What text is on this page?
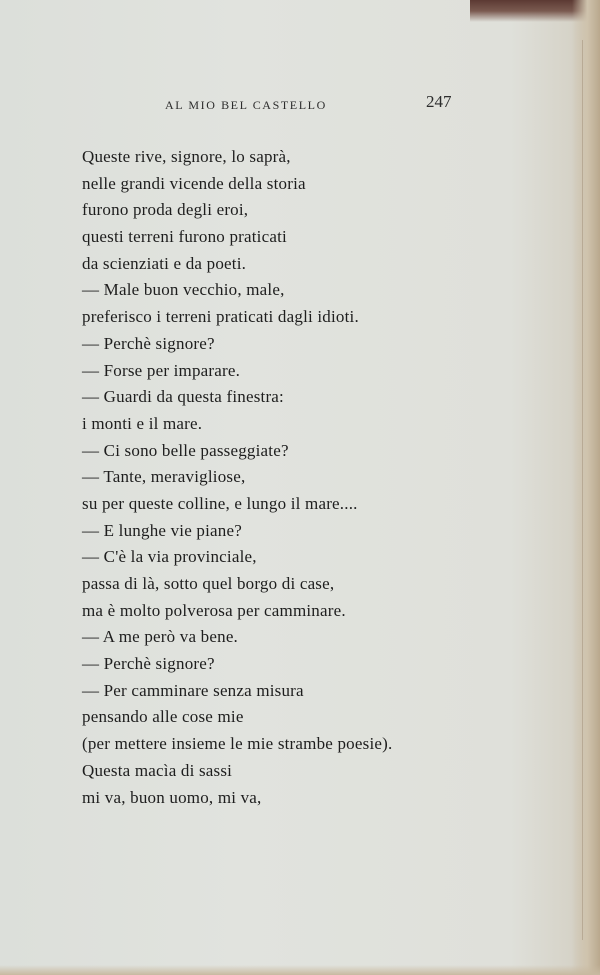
AL MIO BEL CASTELLO	247
Queste rive, signore, lo saprà,
nelle grandi vicende della storia
furono proda degli eroi,
questi terreni furono praticati
da scienziati e da poeti.
— Male buon vecchio, male,
preferisco i terreni praticati dagli idioti.
— Perchè signore?
— Forse per imparare.
— Guardi da questa finestra:
i monti e il mare.
— Ci sono belle passeggiate?
— Tante, meravigliose,
su per queste colline, e lungo il mare....
— E lunghe vie piane?
— C'è la via provinciale,
passa di là, sotto quel borgo di case,
ma è molto polverosa per camminare.
— A me però va bene.
— Perchè signore?
— Per camminare senza misura
pensando alle cose mie
(per mettere insieme le mie strambe poesie).
Questa macìa di sassi
mi va, buon uomo, mi va,
